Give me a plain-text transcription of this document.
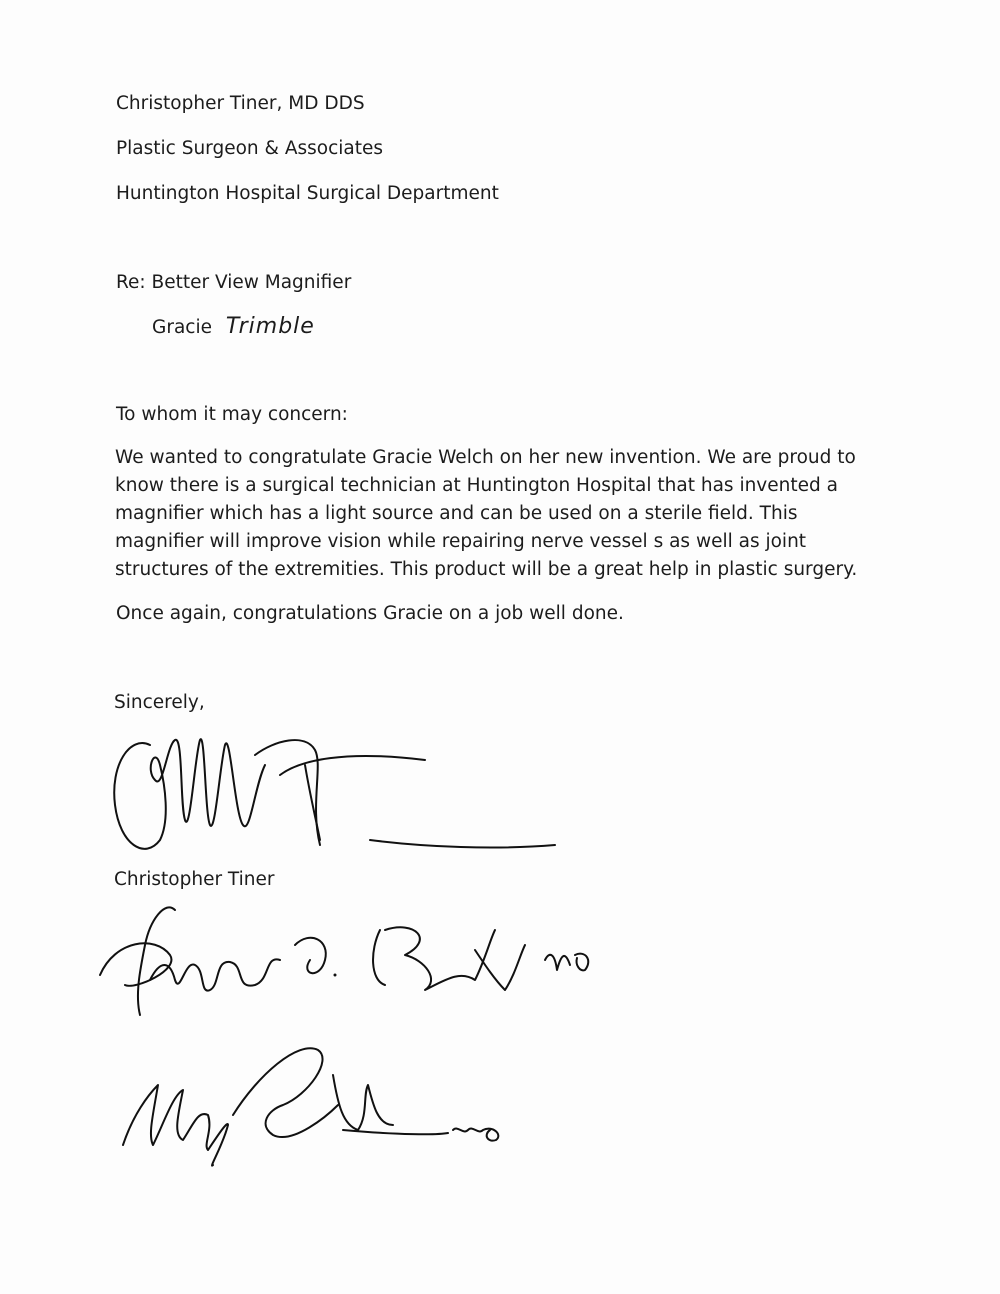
Christopher Tiner, MD DDS
Plastic Surgeon & Associates
Huntington Hospital Surgical Department
Re: Better View Magnifier
Gracie Trimble
To whom it may concern:
We wanted to congratulate Gracie Welch on her new invention. We are proud to
know there is a surgical technician at Huntington Hospital that has invented a
magnifier which has a light source and can be used on a sterile field. This
magnifier will improve vision while repairing nerve vessel s as well as joint
structures of the extremities. This product will be a great help in plastic surgery.
Once again, congratulations Gracie on a job well done.
Sincerely,
Christopher Tiner
